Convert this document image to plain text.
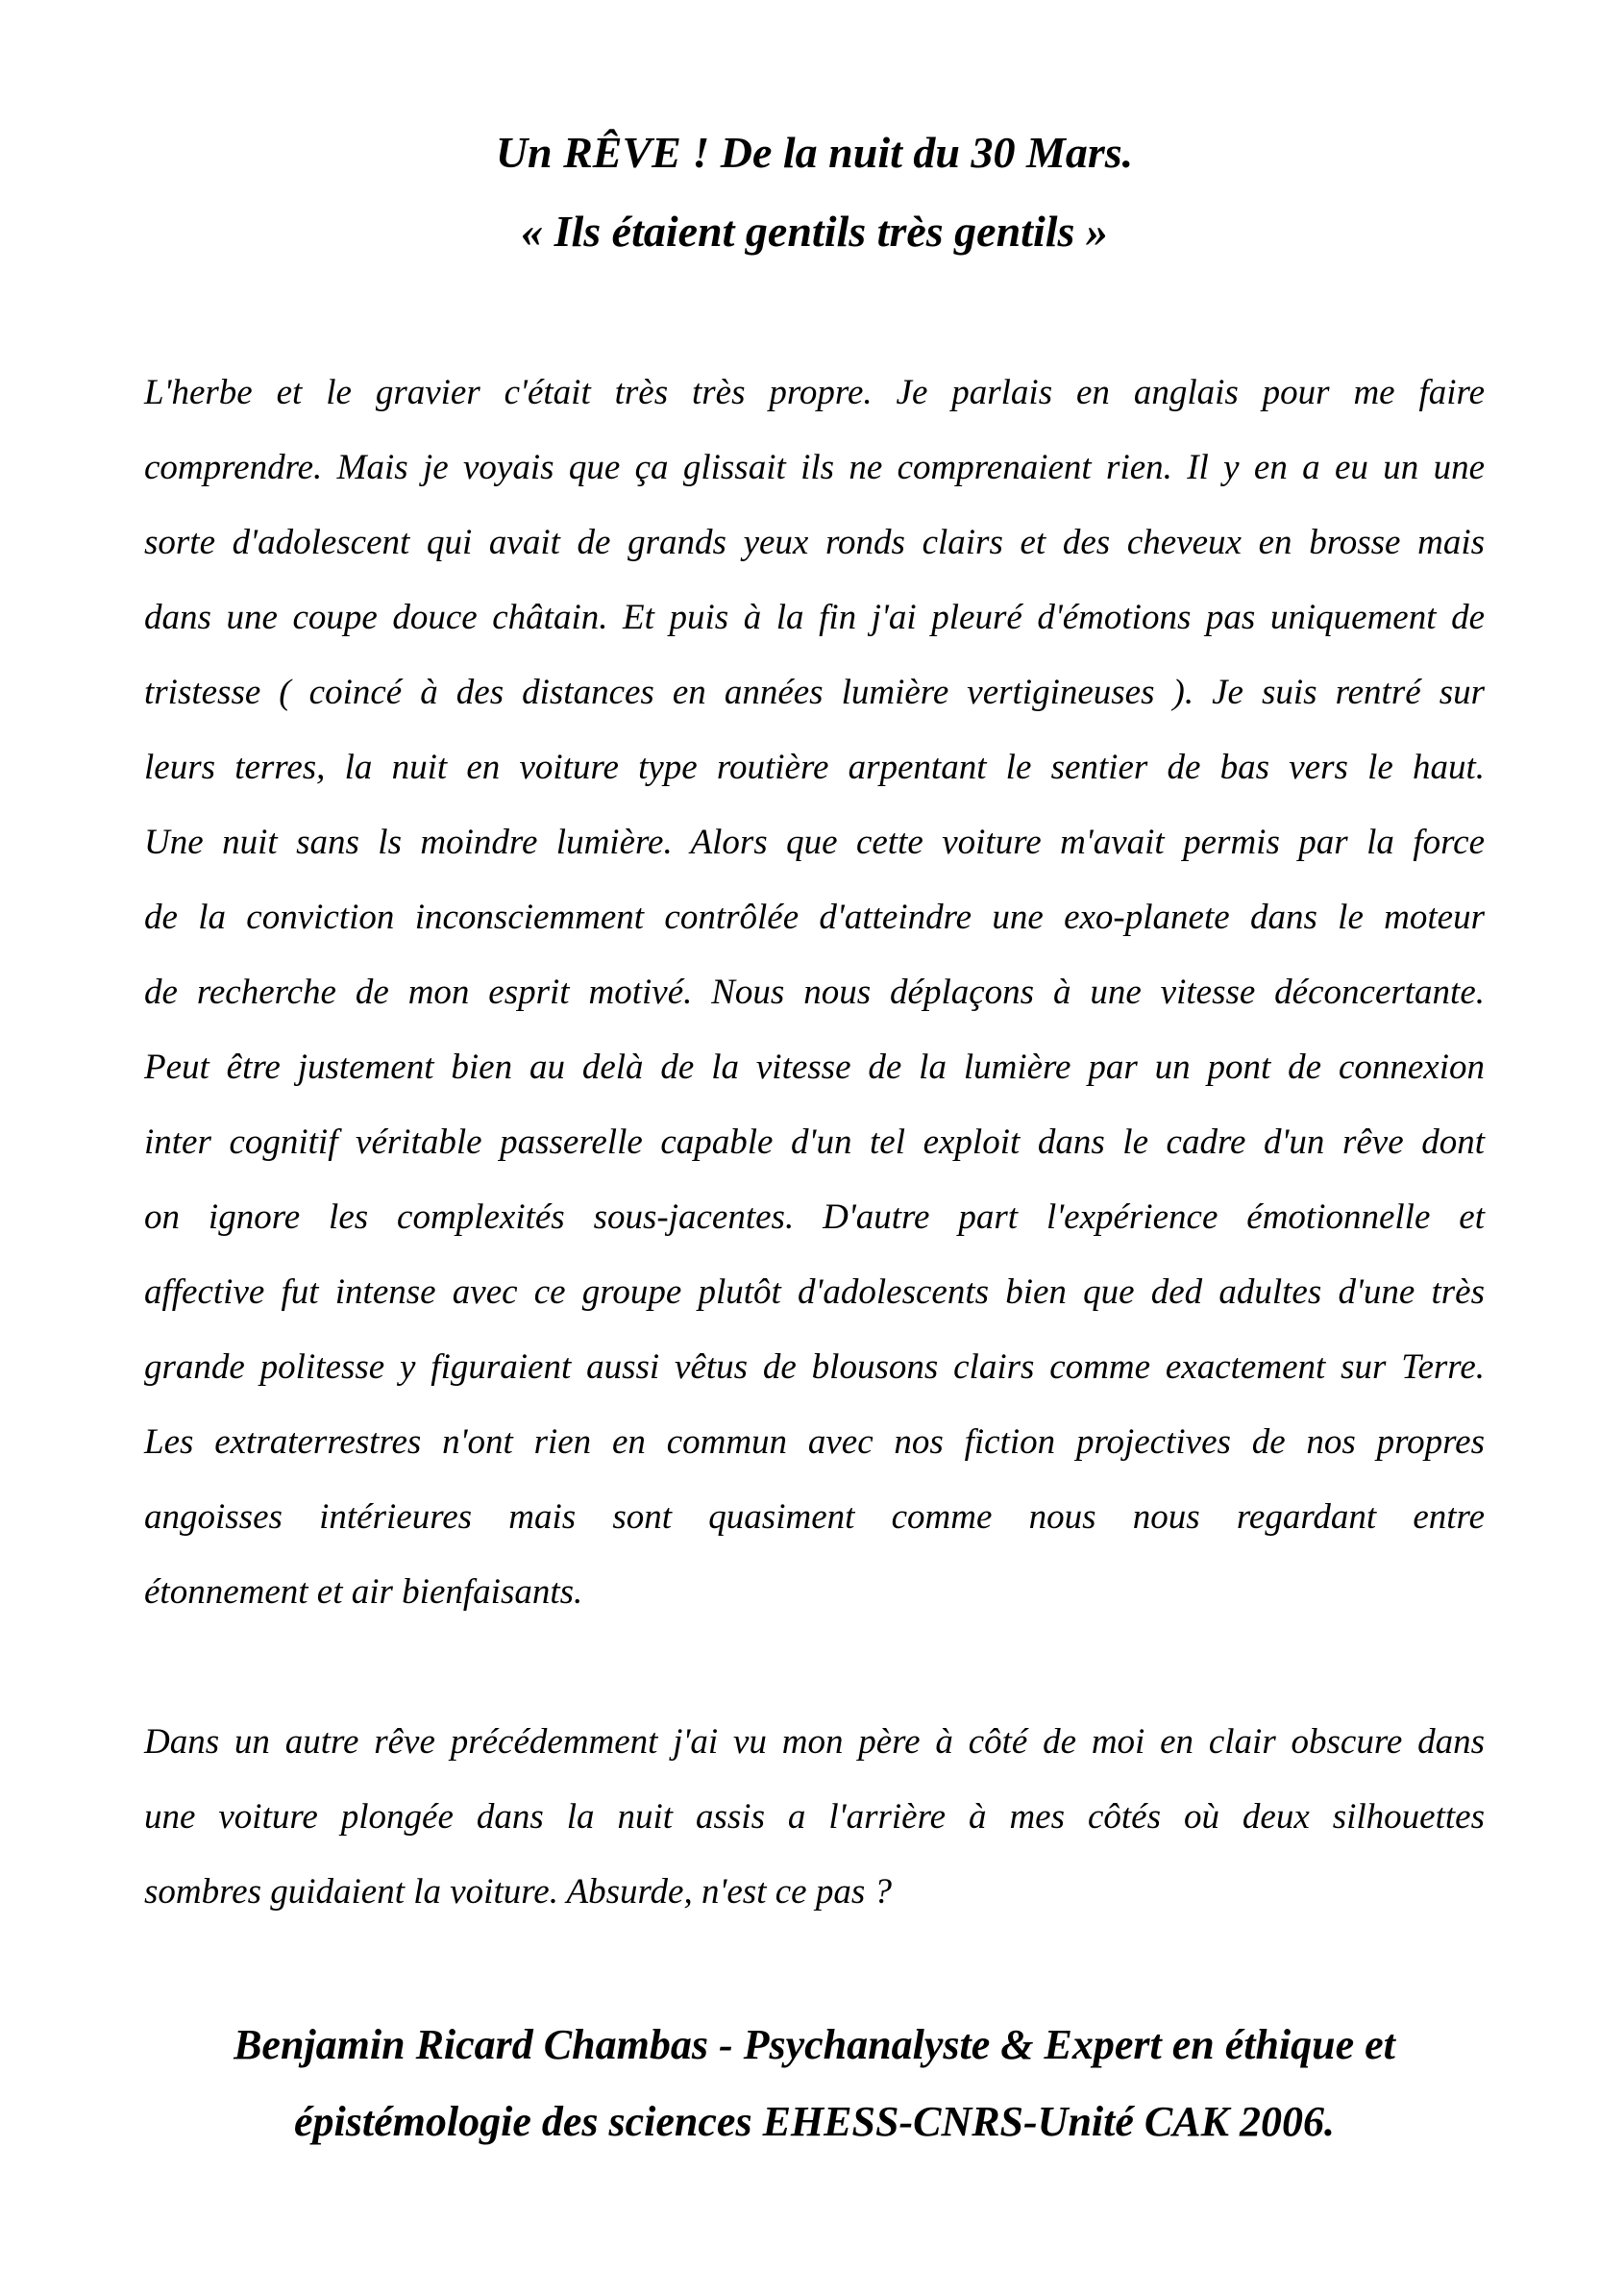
Un RÊVE ! De la nuit du 30 Mars.
« Ils étaient gentils très gentils »
L'herbe et le gravier c'était très très propre. Je parlais en anglais pour me faire
comprendre. Mais je voyais que ça glissait ils ne comprenaient rien. Il y en a eu un une
sorte d'adolescent qui avait de grands yeux ronds clairs et des cheveux en brosse mais
dans une coupe douce châtain. Et puis à la fin j'ai pleuré d'émotions pas uniquement de
tristesse ( coincé à des distances en années lumière vertigineuses ). Je suis rentré sur
leurs terres, la nuit en voiture type routière arpentant le sentier de bas vers le haut.
Une nuit sans ls moindre lumière. Alors que cette voiture m'avait permis par la force
de la conviction inconsciemment contrôlée d'atteindre une exo-planete dans le moteur
de recherche de mon esprit motivé. Nous nous déplaçons à une vitesse déconcertante.
Peut être justement bien au delà de la vitesse de la lumière par un pont de connexion
inter cognitif véritable passerelle capable d'un tel exploit dans le cadre d'un rêve dont
on ignore les complexités sous-jacentes. D'autre part l'expérience émotionnelle et
affective fut intense avec ce groupe plutôt d'adolescents bien que ded adultes d'une très
grande politesse y figuraient aussi vêtus de blousons clairs comme exactement sur Terre.
Les extraterrestres n'ont rien en commun avec nos fiction projectives de nos propres
angoisses intérieures mais sont quasiment comme nous nous regardant entre
étonnement et air bienfaisants.
Dans un autre rêve précédemment j'ai vu mon père à côté de moi en clair obscure dans
une voiture plongée dans la nuit assis a l'arrière à mes côtés où deux silhouettes
sombres guidaient la voiture. Absurde, n'est ce pas ?
Benjamin Ricard Chambas - Psychanalyste & Expert en éthique et
épistémologie des sciences EHESS-CNRS-Unité CAK 2006.
